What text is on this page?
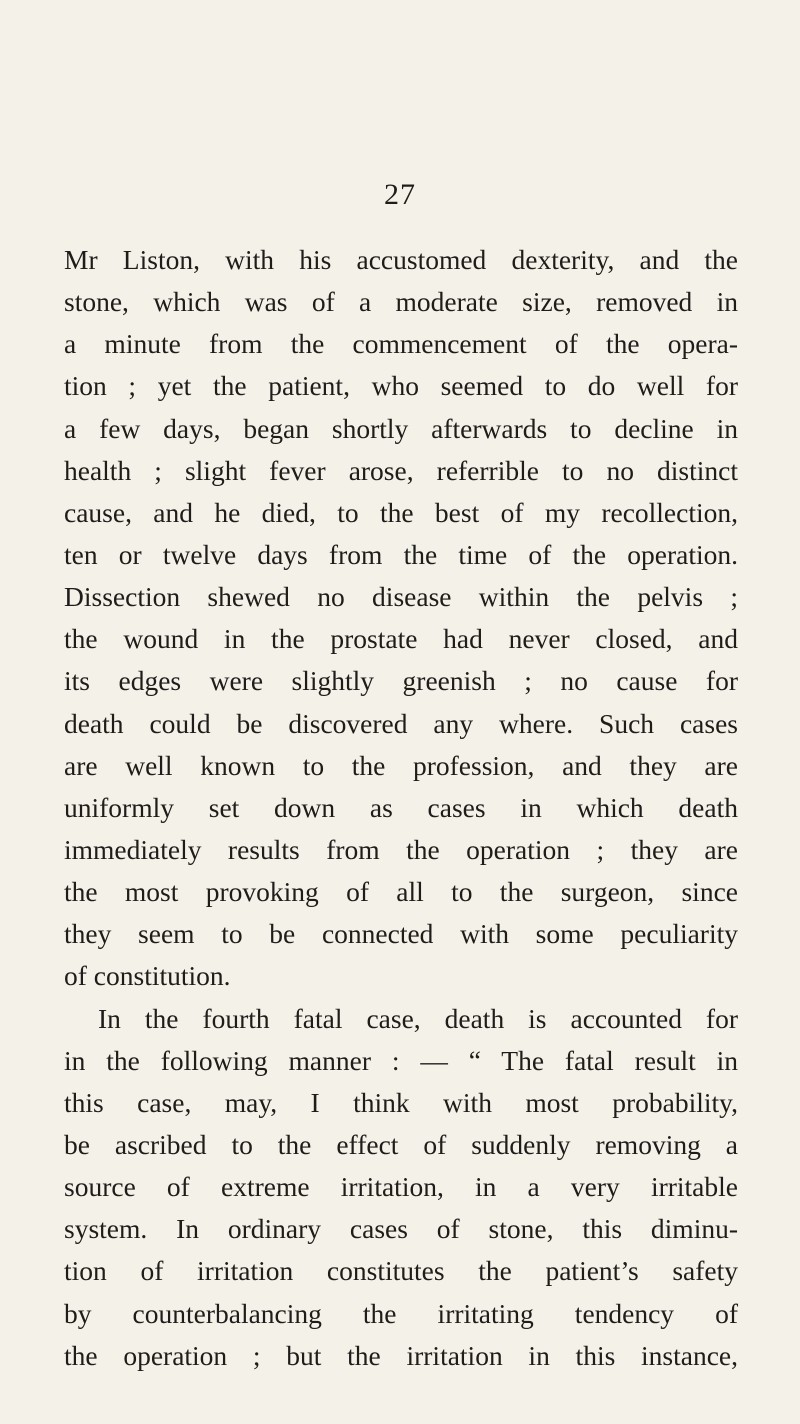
27
Mr Liston, with his accustomed dexterity, and the
stone, which was of a moderate size, removed in
a minute from the commencement of the opera-
tion ; yet the patient, who seemed to do well for
a few days, began shortly afterwards to decline in
health ; slight fever arose, referrible to no distinct
cause, and he died, to the best of my recollection,
ten or twelve days from the time of the operation.
Dissection shewed no disease within the pelvis ;
the wound in the prostate had never closed, and
its edges were slightly greenish ; no cause for
death could be discovered any where. Such cases
are well known to the profession, and they are
uniformly set down as cases in which death
immediately results from the operation ; they are
the most provoking of all to the surgeon, since
they seem to be connected with some peculiarity
of constitution.
In the fourth fatal case, death is accounted for
in the following manner : — “ The fatal result in
this case, may, I think with most probability,
be ascribed to the effect of suddenly removing a
source of extreme irritation, in a very irritable
system. In ordinary cases of stone, this diminu-
tion of irritation constitutes the patient’s safety
by counterbalancing the irritating tendency of
the operation ; but the irritation in this instance,
